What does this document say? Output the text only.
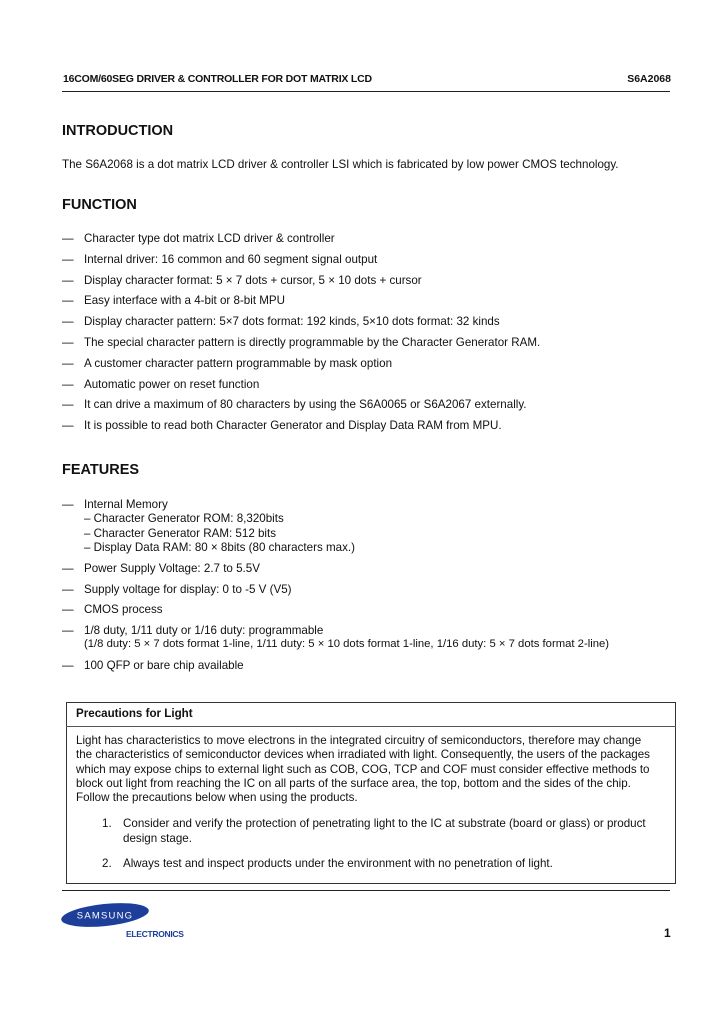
16COM/60SEG DRIVER & CONTROLLER FOR DOT MATRIX LCD	S6A2068
INTRODUCTION

The S6A2068 is a dot matrix LCD driver & controller LSI which is fabricated by low power CMOS technology.

FUNCTION
— Character type dot matrix LCD driver & controller
— Internal driver: 16 common and 60 segment signal output
— Display character format: 5 × 7 dots + cursor, 5 × 10 dots + cursor
— Easy interface with a 4-bit or 8-bit MPU
— Display character pattern: 5×7 dots format: 192 kinds, 5×10 dots format: 32 kinds
— The special character pattern is directly programmable by the Character Generator RAM.
— A customer character pattern programmable by mask option
— Automatic power on reset function
— It can drive a maximum of 80 characters by using the S6A0065 or S6A2067 externally.
— It is possible to read both Character Generator and Display Data RAM from MPU.
FEATURES
— Internal Memory
– Character Generator ROM: 8,320bits
– Character Generator RAM: 512 bits
– Display Data RAM: 80 × 8bits (80 characters max.)
— Power Supply Voltage: 2.7 to 5.5V
— Supply voltage for display: 0 to -5 V (V5)
— CMOS process
— 1/8 duty, 1/11 duty or 1/16 duty: programmable
(1/8 duty: 5 × 7 dots format 1-line, 1/11 duty: 5 × 10 dots format 1-line, 1/16 duty: 5 × 7 dots format 2-line)
— 100 QFP or bare chip available
Precautions for Light
Light has characteristics to move electrons in the integrated circuitry of semiconductors, therefore may change
the characteristics of semiconductor devices when irradiated with light. Consequently, the users of the packages
which may expose chips to external light such as COB, COG, TCP and COF must consider effective methods to
block out light from reaching the IC on all parts of the surface area, the top, bottom and the sides of the chip.
Follow the precautions below when using the products.
1. Consider and verify the protection of penetrating light to the IC at substrate (board or glass) or product
design stage.
2. Always test and inspect products under the environment with no penetration of light.
SAMSUNG
ELECTRONICS	1
